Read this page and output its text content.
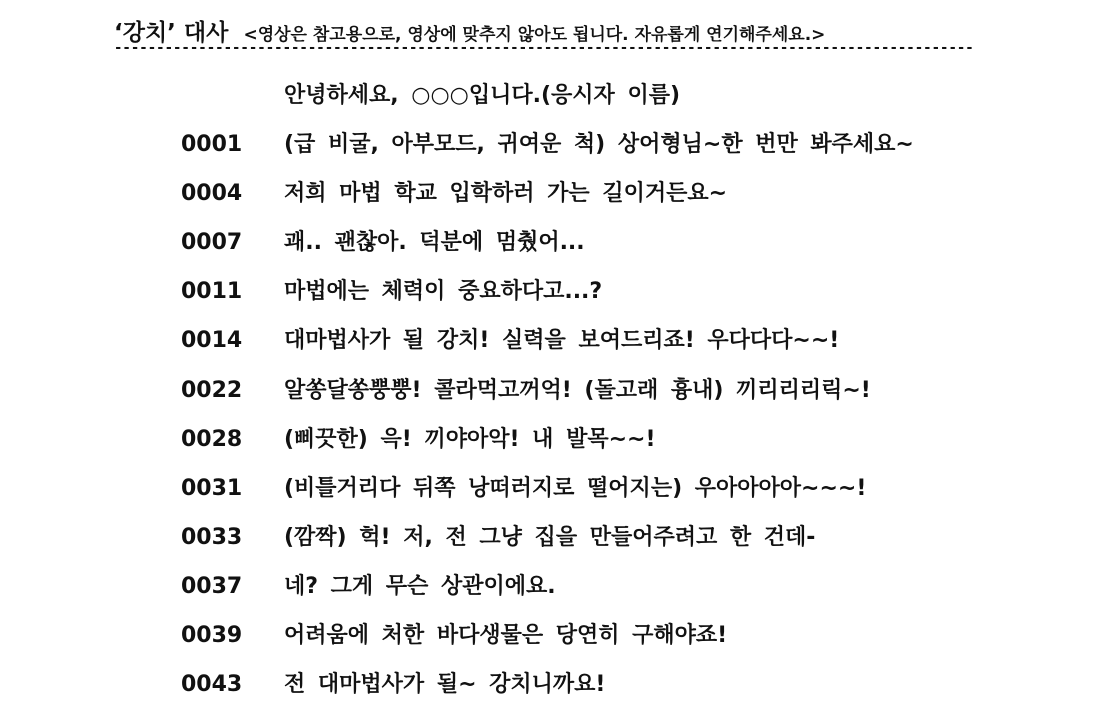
‘강치’ 대사 <영상은 참고용으로, 영상에 맞추지 않아도 됩니다. 자유롭게 연기해주세요.>
------------------------------------------------------------------------------------------------------
안녕하세요, ○○○입니다.(응시자 이름)
0001 (급 비굴, 아부모드, 귀여운 척) 상어형님~한 번만 봐주세요~
0004 저희 마법 학교 입학하러 가는 길이거든요~
0007 괘.. 괜찮아. 덕분에 멈췄어...
0011 마법에는 체력이 중요하다고...?
0014 대마법사가 될 강치! 실력을 보여드리죠! 우다다다~~!
0022 알쏭달쏭뿡뿡! 콜라먹고꺼억! (돌고래 흉내) 끼리리리릭~!
0028 (삐끗한) 윽! 끼야아악! 내 발목~~!
0031 (비틀거리다 뒤쪽 낭떠러지로 떨어지는) 우아아아아~~~!
0033 (깜짝) 헉! 저, 전 그냥 집을 만들어주려고 한 건데-
0037 네? 그게 무슨 상관이에요.
0039 어려움에 처한 바다생물은 당연히 구해야죠!
0043 전 대마법사가 될~ 강치니까요!
